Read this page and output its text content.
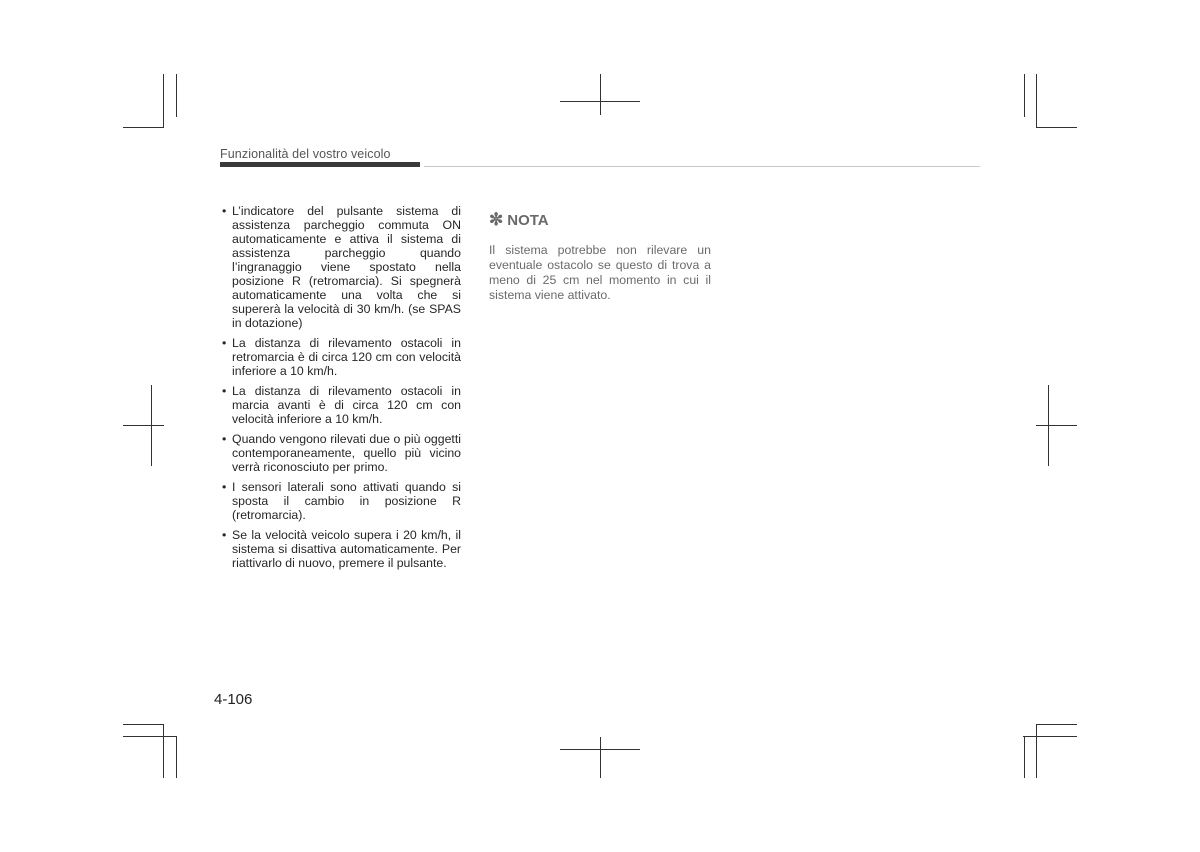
Funzionalità del vostro veicolo
• L’indicatore del pulsante sistema di assistenza parcheggio commuta ON automaticamente e attiva il sistema di assistenza parcheggio quando l’ingranaggio viene spostato nella posizione R (retromarcia). Si spegnerà automaticamente una volta che si supererà la velocità di 30 km/h. (se SPAS in dotazione)
• La distanza di rilevamento ostacoli in retromarcia è di circa 120 cm con velocità inferiore a 10 km/h.
• La distanza di rilevamento ostacoli in marcia avanti è di circa 120 cm con velocità inferiore a 10 km/h.
• Quando vengono rilevati due o più oggetti contemporaneamente, quello più vicino verrà riconosciuto per primo.
• I sensori laterali sono attivati quando si sposta il cambio in posizione R (retromarcia).
• Se la velocità veicolo supera i 20 km/h, il sistema si disattiva automaticamente. Per riattivarlo di nuovo, premere il pulsante.
✼ NOTA
Il sistema potrebbe non rilevare un eventuale ostacolo se questo di trova a meno di 25 cm nel momento in cui il sistema viene attivato.
4-106
